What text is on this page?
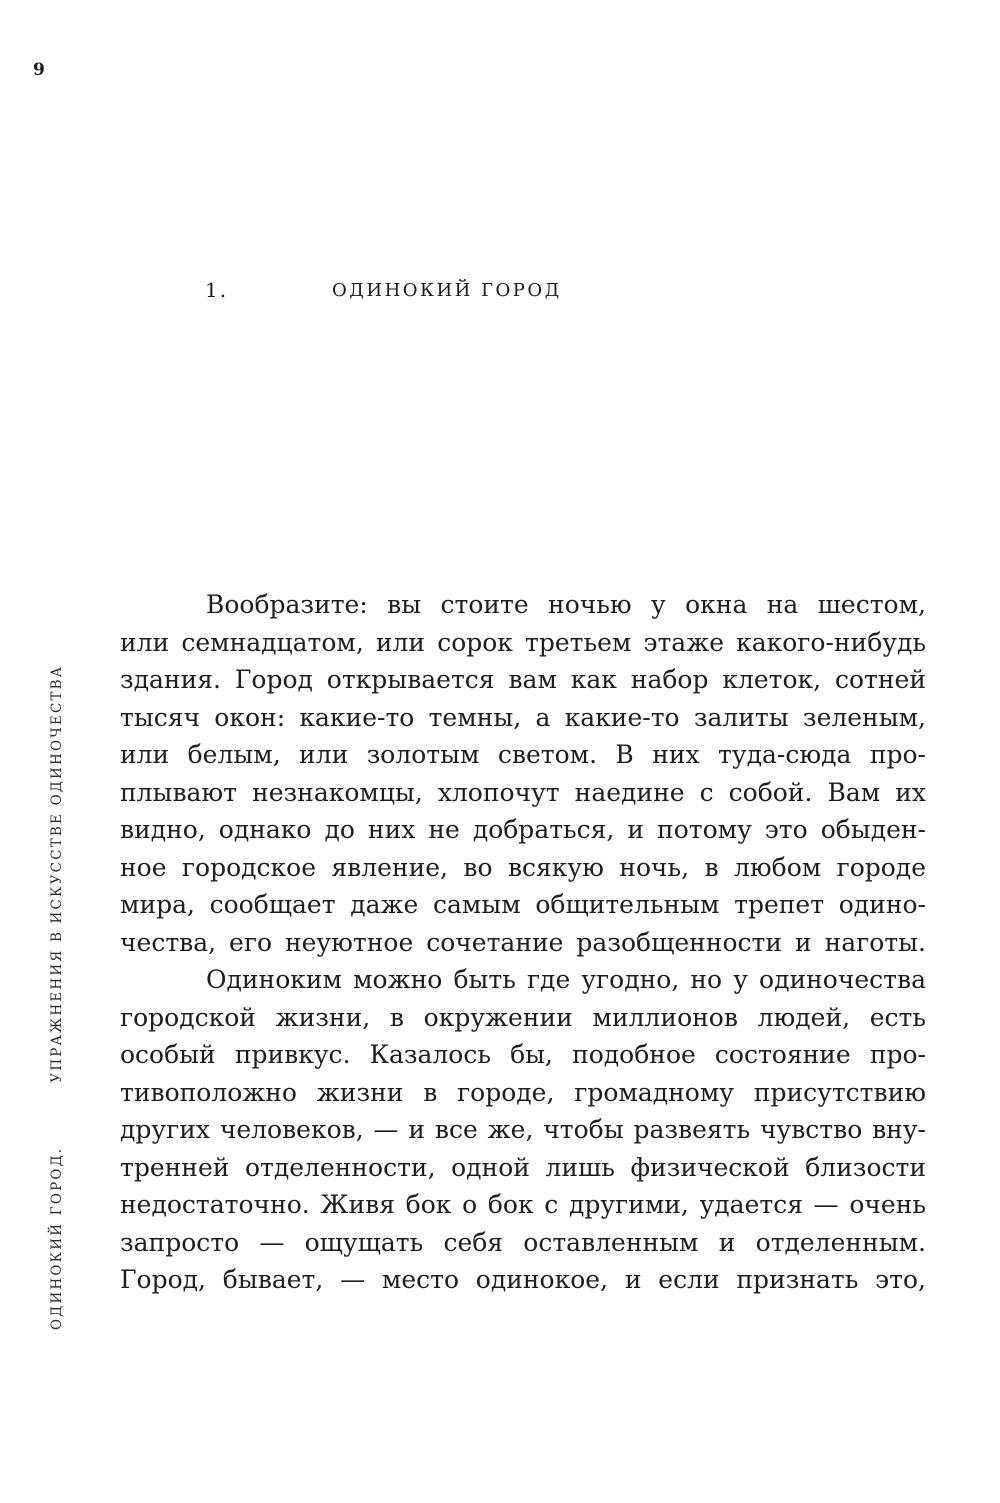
9
ОДИНОКИЙ ГОРОД.УПРАЖНЕНИЯ В ИСКУССТВЕ ОДИНОЧЕСТВА
1.	ОДИНОКИЙ ГОРОД

Вообразите: вы стоите ночью у окна на шестом,
или семнадцатом, или сорок третьем этаже какого-нибудь
здания. Город открывается вам как набор клеток, сотней
тысяч окон: какие-то темны, а какие-то залиты зеленым,
или белым, или золотым светом. В них туда-сюда про-
плывают незнакомцы, хлопочут наедине с собой. Вам их
видно, однако до них не добраться, и потому это обыден-
ное городское явление, во всякую ночь, в любом городе
мира, сообщает даже самым общительным трепет одино-
чества, его неуютное сочетание разобщенности и наготы.

Одиноким можно быть где угодно, но у одиночества
городской жизни, в окружении миллионов людей, есть
особый привкус. Казалось бы, подобное состояние про-
тивоположно жизни в городе, громадному присутствию
других человеков, — и все же, чтобы развеять чувство вну-
тренней отделенности, одной лишь физической близости
недостаточно. Живя бок о бок с другими, удается — очень
запросто — ощущать себя оставленным и отделенным.
Город, бывает, — место одинокое, и если признать это,
